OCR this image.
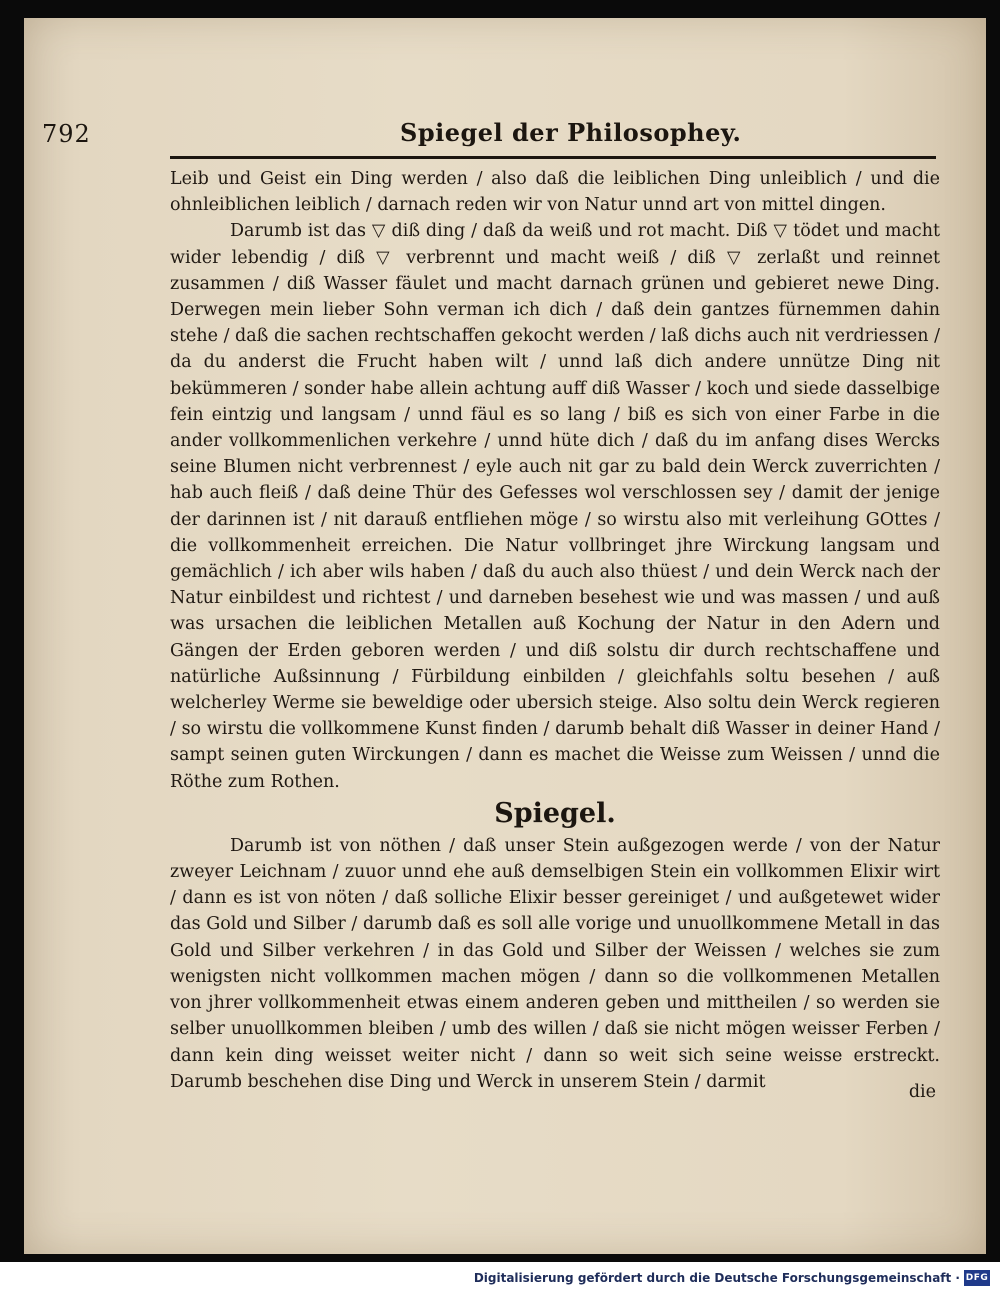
792	Spiegel der Philosophey.

Leib und Geist ein Ding werden / also daß die leiblichen Ding unleiblich / und die ohnleiblichen leiblich / darnach reden wir von Natur unnd art von mittel dingen.

Darumb ist das ▽ diß ding / daß da weiß und rot macht. Diß ▽ tödet und macht wider lebendig / diß ▽ verbrennt und macht weiß / diß ▽ zerlaßt und reinnet zusammen / diß Wasser fäulet und macht darnach grünen und gebieret newe Ding. Derwegen mein lieber Sohn verman ich dich / daß dein gantzes fürnemmen dahin stehe / daß die sachen rechtschaffen gekocht werden / laß dichs auch nit verdriessen / da du anderst die Frucht haben wilt / unnd laß dich andere unnütze Ding nit bekümmeren / sonder habe allein achtung auff diß Wasser / koch und siede dasselbige fein eintzig und langsam / unnd fäul es so lang / biß es sich von einer Farbe in die ander vollkommenlichen verkehre / unnd hüte dich / daß du im anfang dises Wercks seine Blumen nicht verbrennest / eyle auch nit gar zu bald dein Werck zuverrichten / hab auch fleiß / daß deine Thür des Gefesses wol verschlossen sey / damit der jenige der darinnen ist / nit darauß entfliehen möge / so wirstu also mit verleihung GOttes / die vollkommenheit erreichen. Die Natur vollbringet jhre Wirckung langsam und gemächlich / ich aber wils haben / daß du auch also thüest / und dein Werck nach der Natur einbildest und richtest / und darneben besehest wie und was massen / und auß was ursachen die leiblichen Metallen auß Kochung der Natur in den Adern und Gängen der Erden geboren werden / und diß solstu dir durch rechtschaffene und natürliche Außsinnung / Fürbildung einbilden / gleichfahls soltu besehen / auß welcherley Werme sie beweldige oder ubersich steige. Also soltu dein Werck regieren / so wirstu die vollkommene Kunst finden / darumb behalt diß Wasser in deiner Hand / sampt seinen guten Wirckungen / dann es machet die Weisse zum Weissen / unnd die Röthe zum Rothen.

Spiegel.

Darumb ist von nöthen / daß unser Stein außgezogen werde / von der Natur zweyer Leichnam / zuuor unnd ehe auß demselbigen Stein ein vollkommen Elixir wirt / dann es ist von nöten / daß solliche Elixir besser gereiniget / und außgetewet wider das Gold und Silber / darumb daß es soll alle vorige und unuollkommene Metall in das Gold und Silber verkehren / in das Gold und Silber der Weissen / welches sie zum wenigsten nicht vollkommen machen mögen / dann so die vollkommenen Metallen von jhrer vollkommenheit etwas einem anderen geben und mittheilen / so werden sie selber unuollkommen bleiben / umb des willen / daß sie nicht mögen weisser Ferben / dann kein ding weisset weiter nicht / dann so weit sich seine weisse erstreckt. Darumb beschehen dise Ding und Werck in unserem Stein / darmit

die
Digitalisierung gefördert durch die Deutsche Forschungsgemeinschaft · DFG
